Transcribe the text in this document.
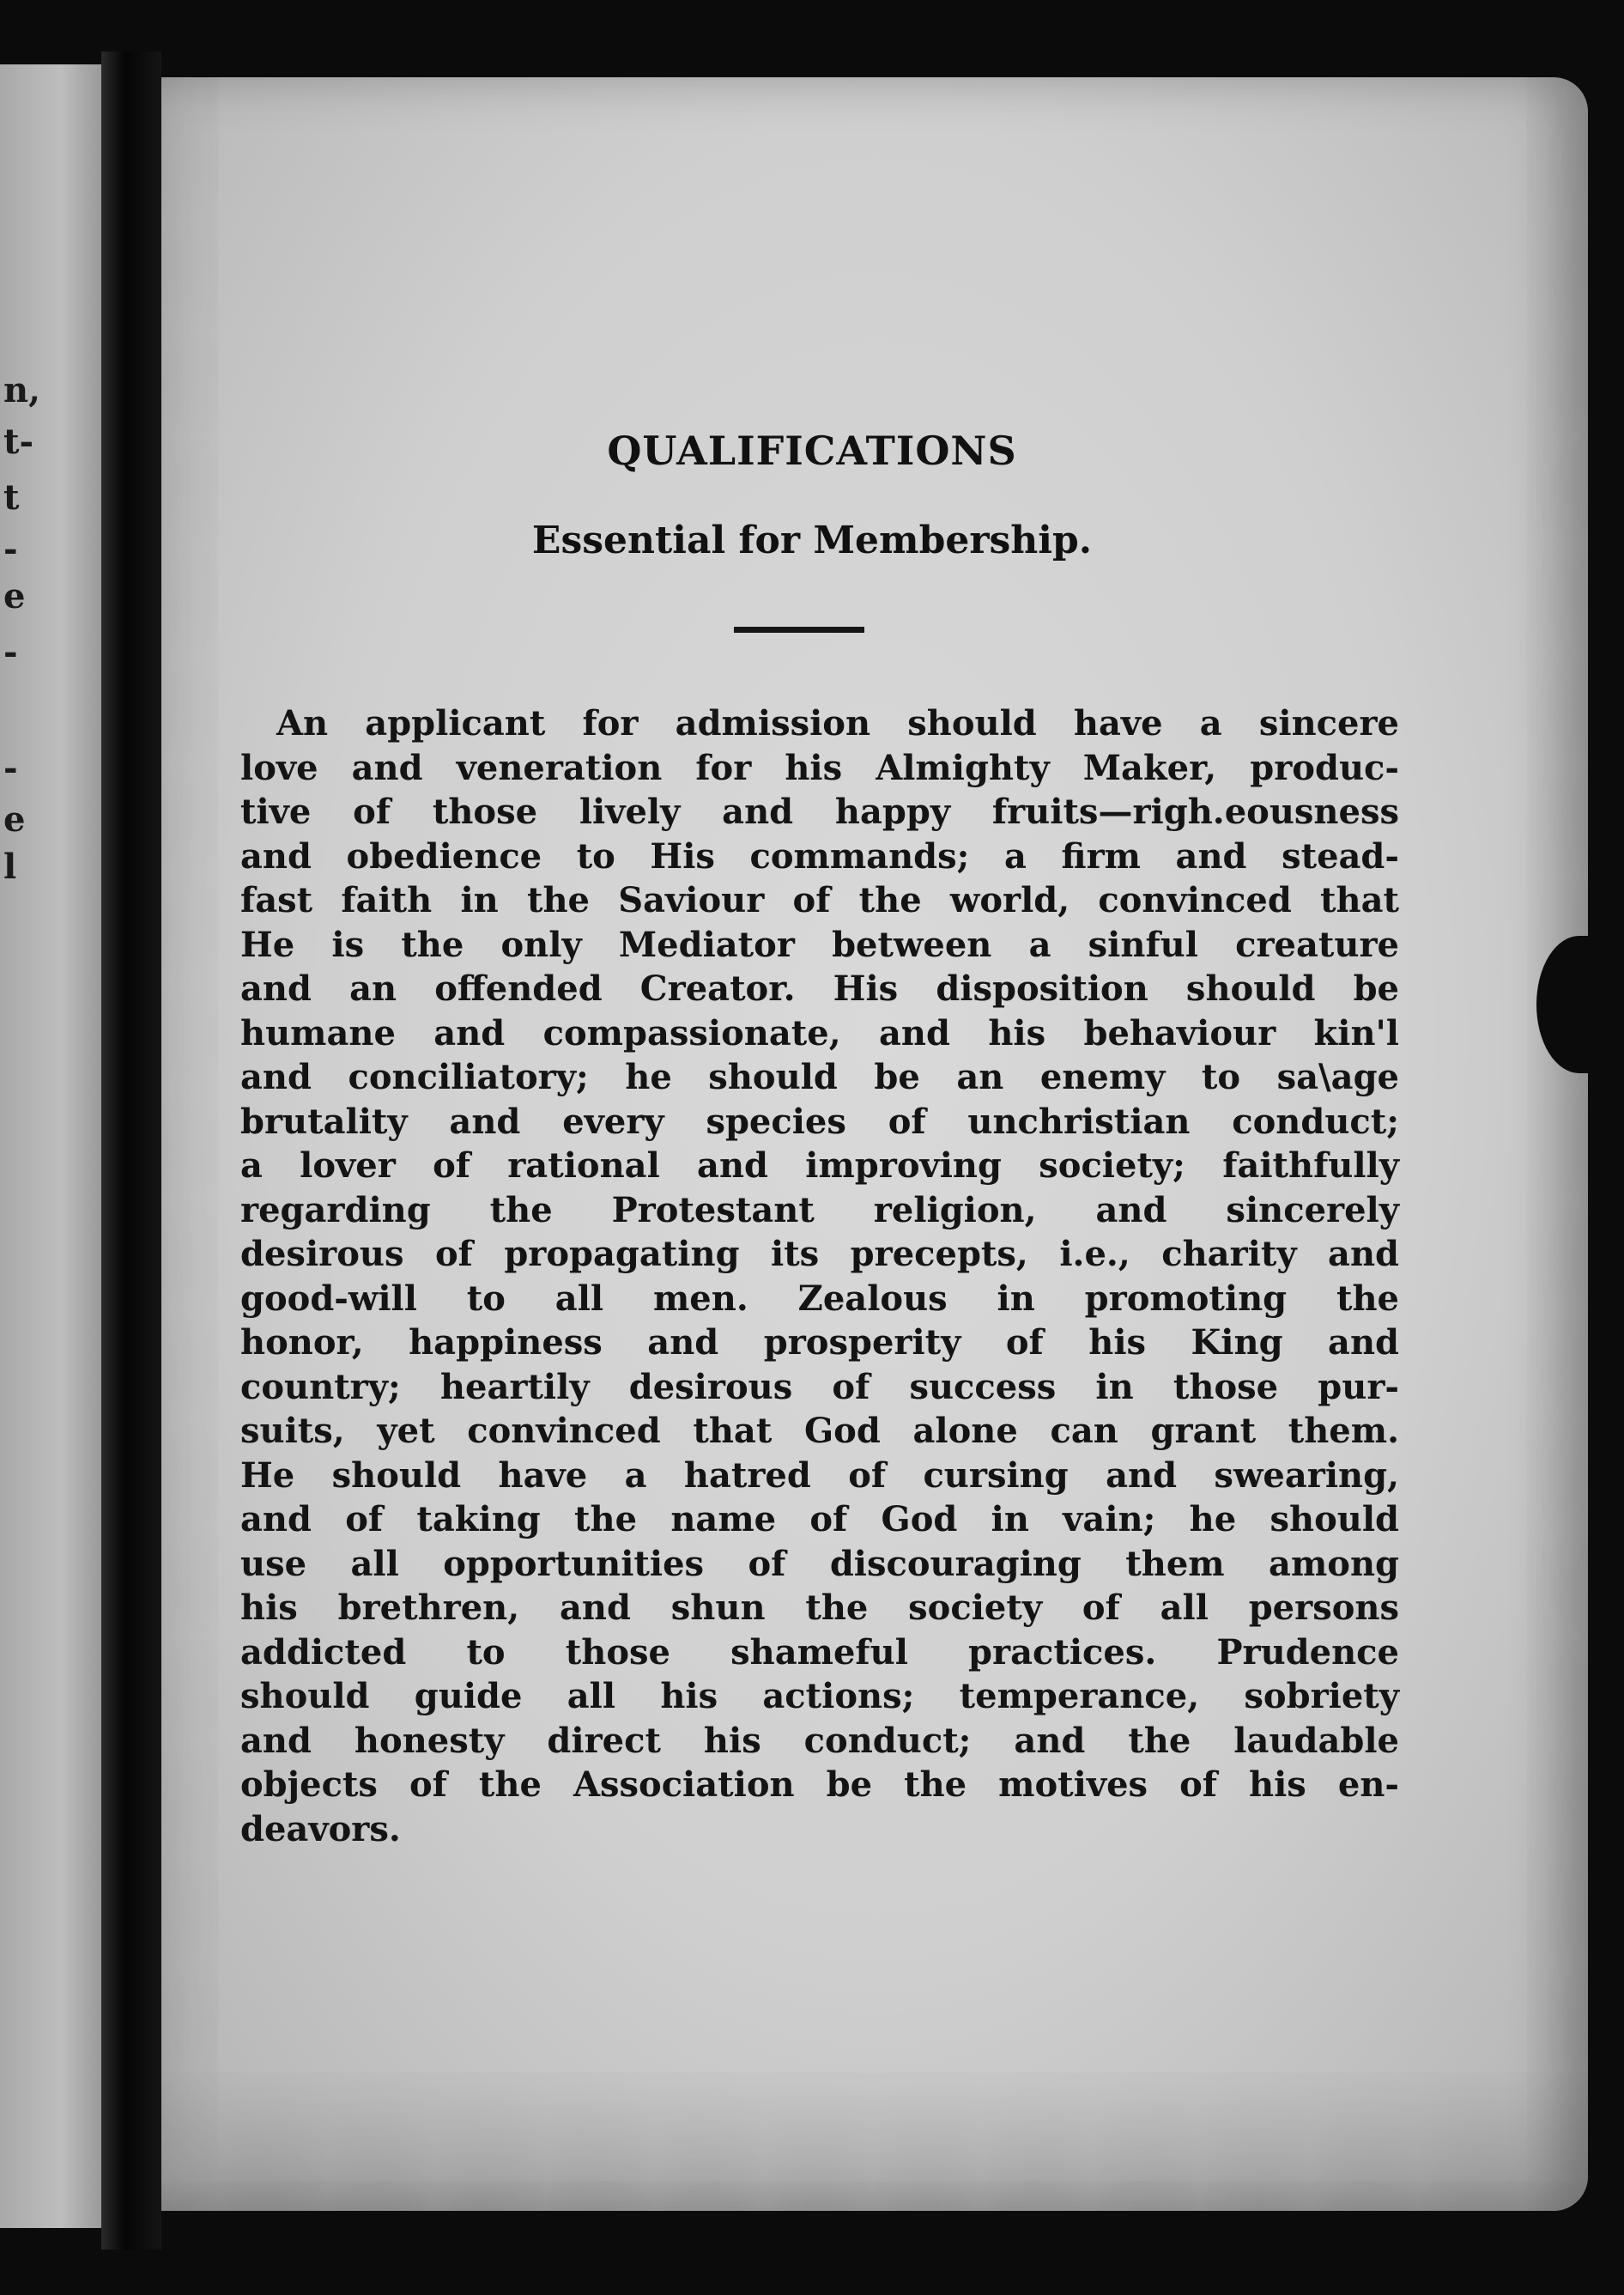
n,
t-
t
-
e
-
-
e
l
QUALIFICATIONS
Essential for Membership.
An applicant for admission should have a sincere
love and veneration for his Almighty Maker, produc-
tive of those lively and happy fruits—righ.eousness
and obedience to His commands; a firm and stead-
fast faith in the Saviour of the world, convinced that
He is the only Mediator between a sinful creature
and an offended Creator. His disposition should be
humane and compassionate, and his behaviour kin'l
and conciliatory; he should be an enemy to sa\age
brutality and every species of unchristian conduct;
a lover of rational and improving society; faithfully
regarding the Protestant religion, and sincerely
desirous of propagating its precepts, i.e., charity and
good-will to all men. Zealous in promoting the
honor, happiness and prosperity of his King and
country; heartily desirous of success in those pur-
suits, yet convinced that God alone can grant them.
He should have a hatred of cursing and swearing,
and of taking the name of God in vain; he should
use all opportunities of discouraging them among
his brethren, and shun the society of all persons
addicted to those shameful practices. Prudence
should guide all his actions; temperance, sobriety
and honesty direct his conduct; and the laudable
objects of the Association be the motives of his en-
deavors.
